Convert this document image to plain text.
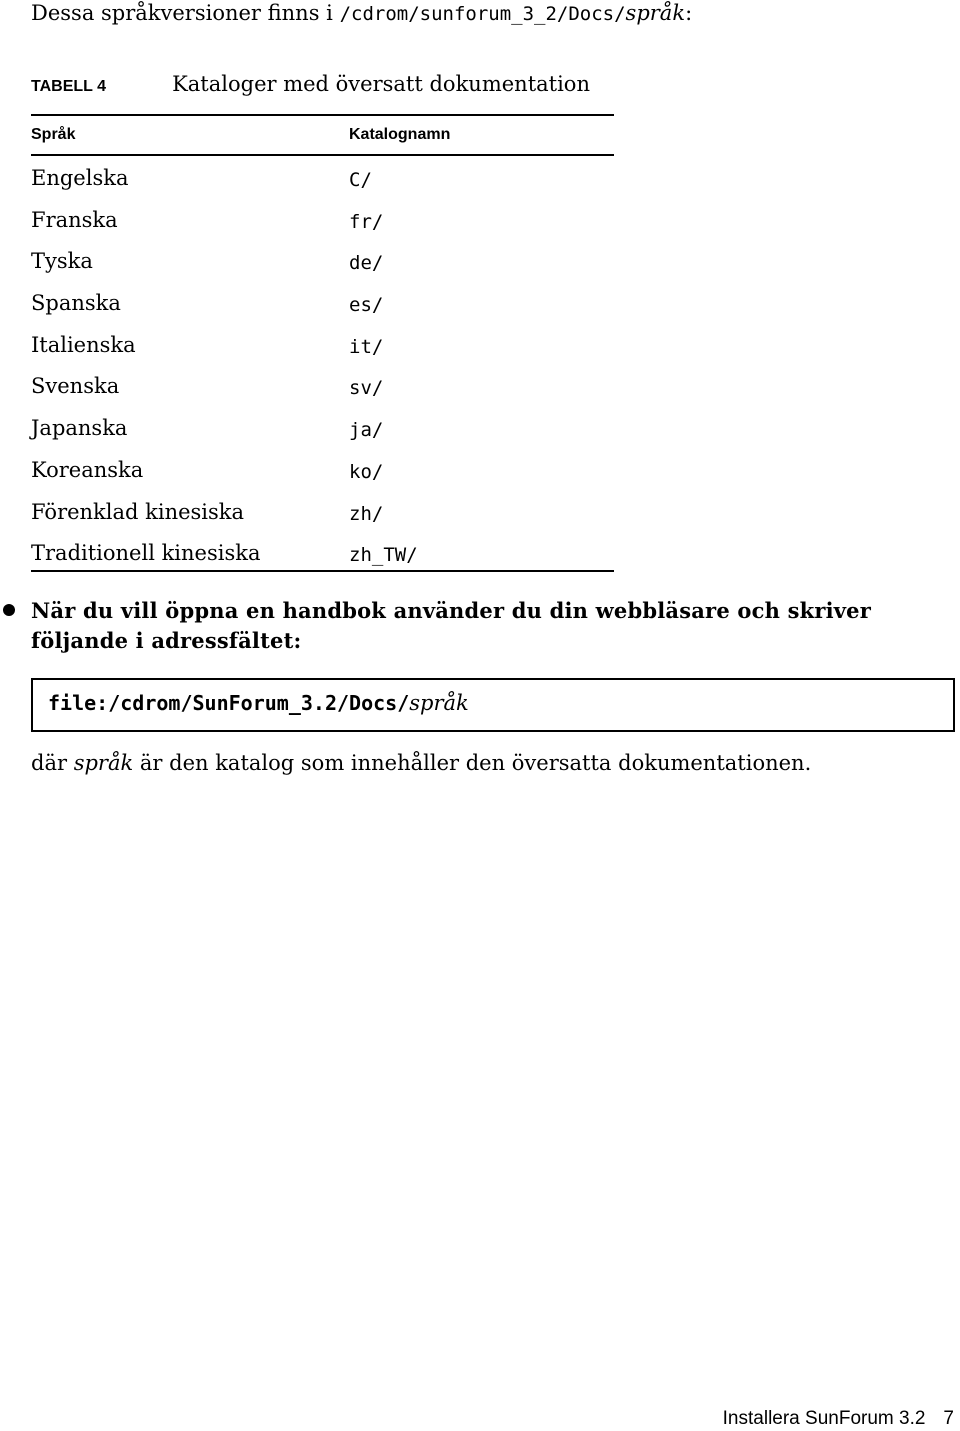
Dessa språkversioner finns i /cdrom/sunforum_3_2/Docs/språk:

TABELL 4	Kataloger med översatt dokumentation
Språk	Katalognamn
Engelska	C/
Franska	fr/
Tyska	de/
Spanska	es/
Italienska	it/
Svenska	sv/
Japanska	ja/
Koreanska	ko/
Förenklad kinesiska	zh/
Traditionell kinesiska	zh_TW/
När du vill öppna en handbok använder du din webbläsare och skriver följande i adressfältet:
file:/cdrom/SunForum_3.2/Docs/språk

där språk är den katalog som innehåller den översatta dokumentationen.

Installera SunForum 3.2 7
